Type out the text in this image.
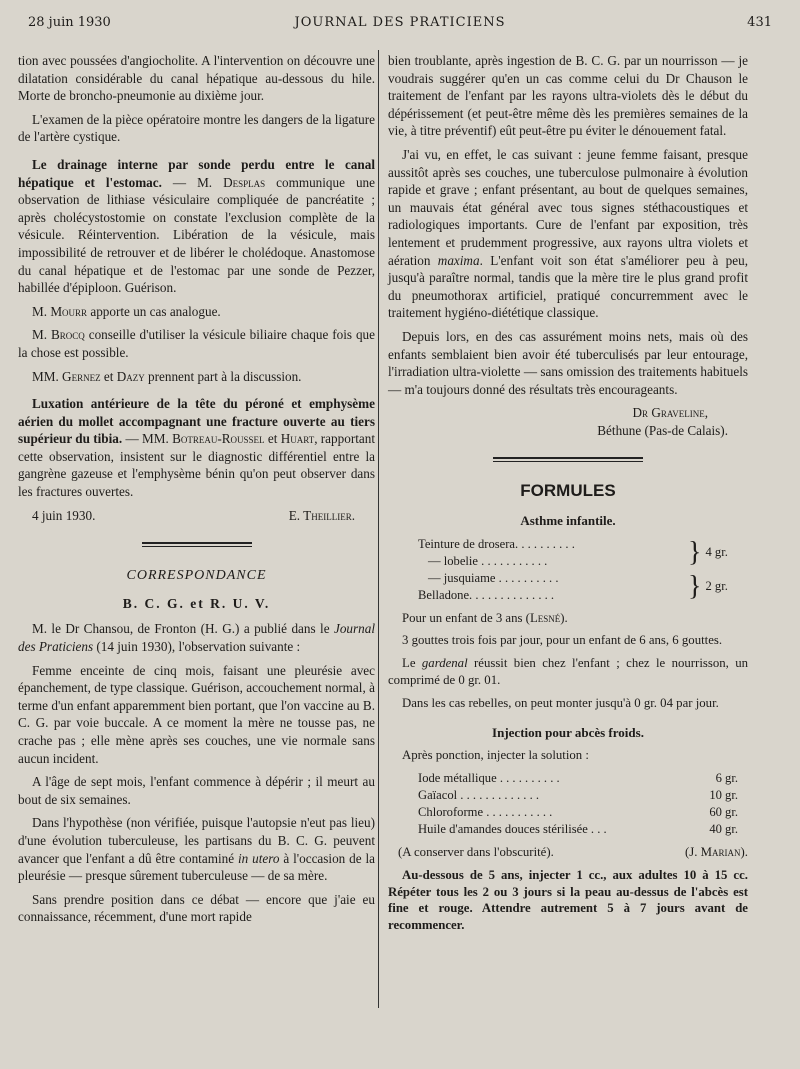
28 juin 1930	JOURNAL DES PRATICIENS	431

tion avec poussées d'angiocholite. A l'intervention on découvre une dilatation considérable du canal hépatique au-dessous du hile. Morte de broncho-pneumonie au dixième jour.

L'examen de la pièce opératoire montre les dangers de la ligature de l'artère cystique.

Le drainage interne par sonde perdu entre le canal hépatique et l'estomac. — M. Desplas communique une observation de lithiase vésiculaire compliquée de pancréatite ; après cholécystostomie on constate l'exclusion complète de la vésicule. Réintervention. Libération de la vésicule, mais impossibilité de retrouver et de libérer le cholédoque. Anastomose du canal hépatique et de l'estomac par une sonde de Pezzer, habillée d'épiploon. Guérison.

M. Mourr apporte un cas analogue.

M. Brocq conseille d'utiliser la vésicule biliaire chaque fois que la chose est possible.

MM. Gernez et Dazy prennent part à la discussion.

Luxation antérieure de la tête du péroné et emphysème aérien du mollet accompagnant une fracture ouverte au tiers supérieur du tibia. — MM. Botreau-Roussel et Huart, rapportant cette observation, insistent sur le diagnostic différentiel entre la gangrène gazeuse et l'emphysème bénin qu'on peut observer dans les fractures ouvertes.

4 juin 1930.	E. Theillier.
CORRESPONDANCE
B. C. G. et R. U. V.

M. le Dr Chansou, de Fronton (H. G.) a publié dans le Journal des Praticiens (14 juin 1930), l'observation suivante :

Femme enceinte de cinq mois, faisant une pleurésie avec épanchement, de type classique. Guérison, accouchement normal, à terme d'un enfant apparemment bien portant, que l'on vaccine au B. C. G. par voie buccale. A ce moment la mère ne tousse pas, ne crache pas ; elle mène après ses couches, une vie normale sans aucun incident.

A l'âge de sept mois, l'enfant commence à dépérir ; il meurt au bout de six semaines.

Dans l'hypothèse (non vérifiée, puisque l'autopsie n'eut pas lieu) d'une évolution tuberculeuse, les partisans du B. C. G. peuvent avancer que l'enfant a dû être contaminé in utero à l'occasion de la pleurésie — presque sûrement tuberculeuse — de sa mère.

Sans prendre position dans ce débat — encore que j'aie eu connaissance, récemment, d'une mort rapide

bien troublante, après ingestion de B. C. G. par un nourrisson — je voudrais suggérer qu'en un cas comme celui du Dr Chauson le traitement de l'enfant par les rayons ultra-violets dès le début du dépérissement (et peut-être même dès les premières semaines de la vie, à titre préventif) eût peut-être pu éviter le dénouement fatal.

J'ai vu, en effet, le cas suivant : jeune femme faisant, presque aussitôt après ses couches, une tuberculose pulmonaire à évolution rapide et grave ; enfant présentant, au bout de quelques semaines, un mauvais état général avec tous signes stéthacoustiques et radiologiques importants. Cure de l'enfant par exposition, très lentement et prudemment progressive, aux rayons ultra violets et aération maxima. L'enfant voit son état s'améliorer peu à peu, jusqu'à paraître normal, tandis que la mère tire le plus grand profit du pneumothorax artificiel, pratiqué concurremment avec le traitement hygiéno-diététique classique.

Depuis lors, en des cas assurément moins nets, mais où des enfants semblaient bien avoir été tuberculisés par leur entourage, l'irradiation ultra-violette — sans omission des traitements habituels — m'a toujours donné des résultats très encourageants.

Dr Graveline,

Béthune (Pas-de Calais).

FORMULES
Asthme infantile.
Teinture de drosera. . . . . . . . . .
— lobelie . . . . . . . . . . .	} 4 gr.
— jusquiame . . . . . . . . . .
Belladone. . . . . . . . . . . . . .	} 2 gr.

Pour un enfant de 3 ans (Lesné).

3 gouttes trois fois par jour, pour un enfant de 6 ans, 6 gouttes.

Le gardenal réussit bien chez l'enfant ; chez le nourrisson, un comprimé de 0 gr. 01.

Dans les cas rebelles, on peut monter jusqu'à 0 gr. 04 par jour.

Injection pour abcès froids.

Après ponction, injecter la solution :

Iode métallique . . . . . . . . . .	6 gr.
Gaïacol . . . . . . . . . . . . .	10 gr.
Chloroforme . . . . . . . . . . .	60 gr.
Huile d'amandes douces stérilisée . . .	40 gr.
(A conserver dans l'obscurité).	(J. Marian).

Au-dessous de 5 ans, injecter 1 cc., aux adultes 10 à 15 cc. Répéter tous les 2 ou 3 jours si la peau au-dessus de l'abcès est fine et rouge. Attendre autrement 5 à 7 jours avant de recommencer.
